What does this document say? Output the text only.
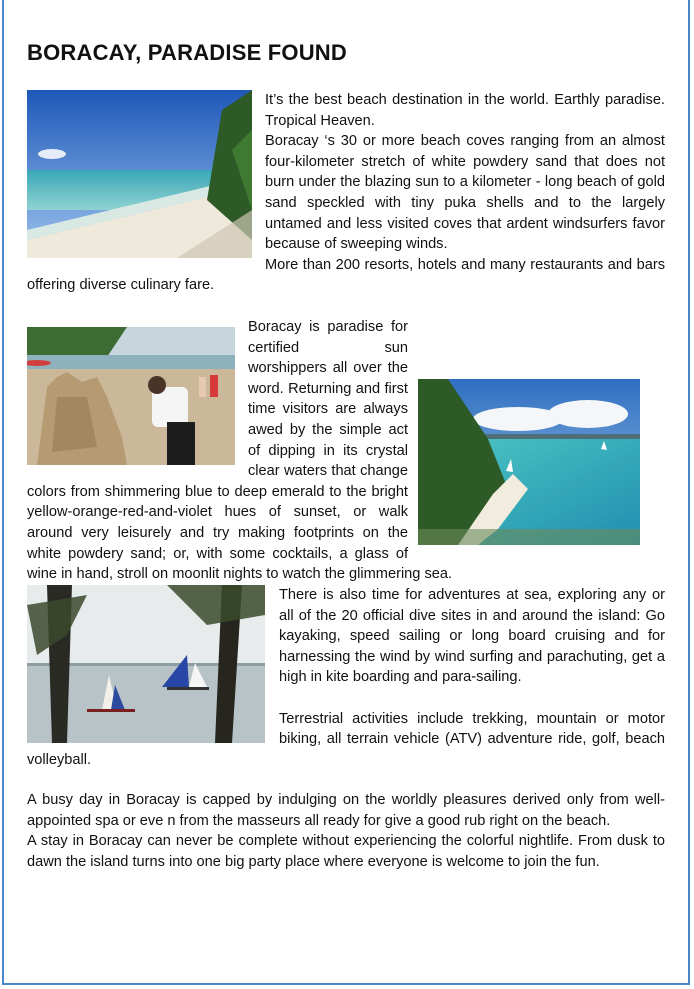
BORACAY, PARADISE FOUND

It’s the best beach destination in the world. Earthly paradise. Tropical Heaven.

Boracay ‘s 30 or more beach coves ranging from an almost four-kilometer stretch of white powdery sand that does not burn under the blazing sun to a kilometer - long beach of gold sand speckled with tiny puka shells and to the largely untamed and less visited coves that ardent windsurfers favor because of sweeping winds.

More than 200 resorts, hotels and many restaurants and bars offering diverse culinary fare.

Boracay is paradise for certified sun worshippers all over the word. Returning and first time visitors are always awed by the simple act of dipping in its crystal clear waters that change colors from shimmering blue to deep emerald to the bright yellow-orange-red-and-violet hues of sunset, or walk around very leisurely and try making footprints on the white powdery sand; or, with some cocktails, a glass of wine in hand, stroll on moonlit nights to watch the glimmering sea.

There is also time for adventures at sea, exploring any or all of the 20 official dive sites in and around the island: Go kayaking, speed sailing or long board cruising and for harnessing the wind by wind surfing and parachuting, get a high in kite boarding and para-sailing.

Terrestrial activities include trekking, mountain or motor biking, all terrain vehicle (ATV) adventure ride, golf, beach volleyball.

A busy day in Boracay is capped by indulging on the worldly pleasures derived only from well-appointed spa or eve n from the masseurs all ready for give a good rub right on the beach.

A stay in Boracay can never be complete without experiencing the colorful nightlife. From dusk to dawn the island turns into one big party place where everyone is welcome to join the fun.
